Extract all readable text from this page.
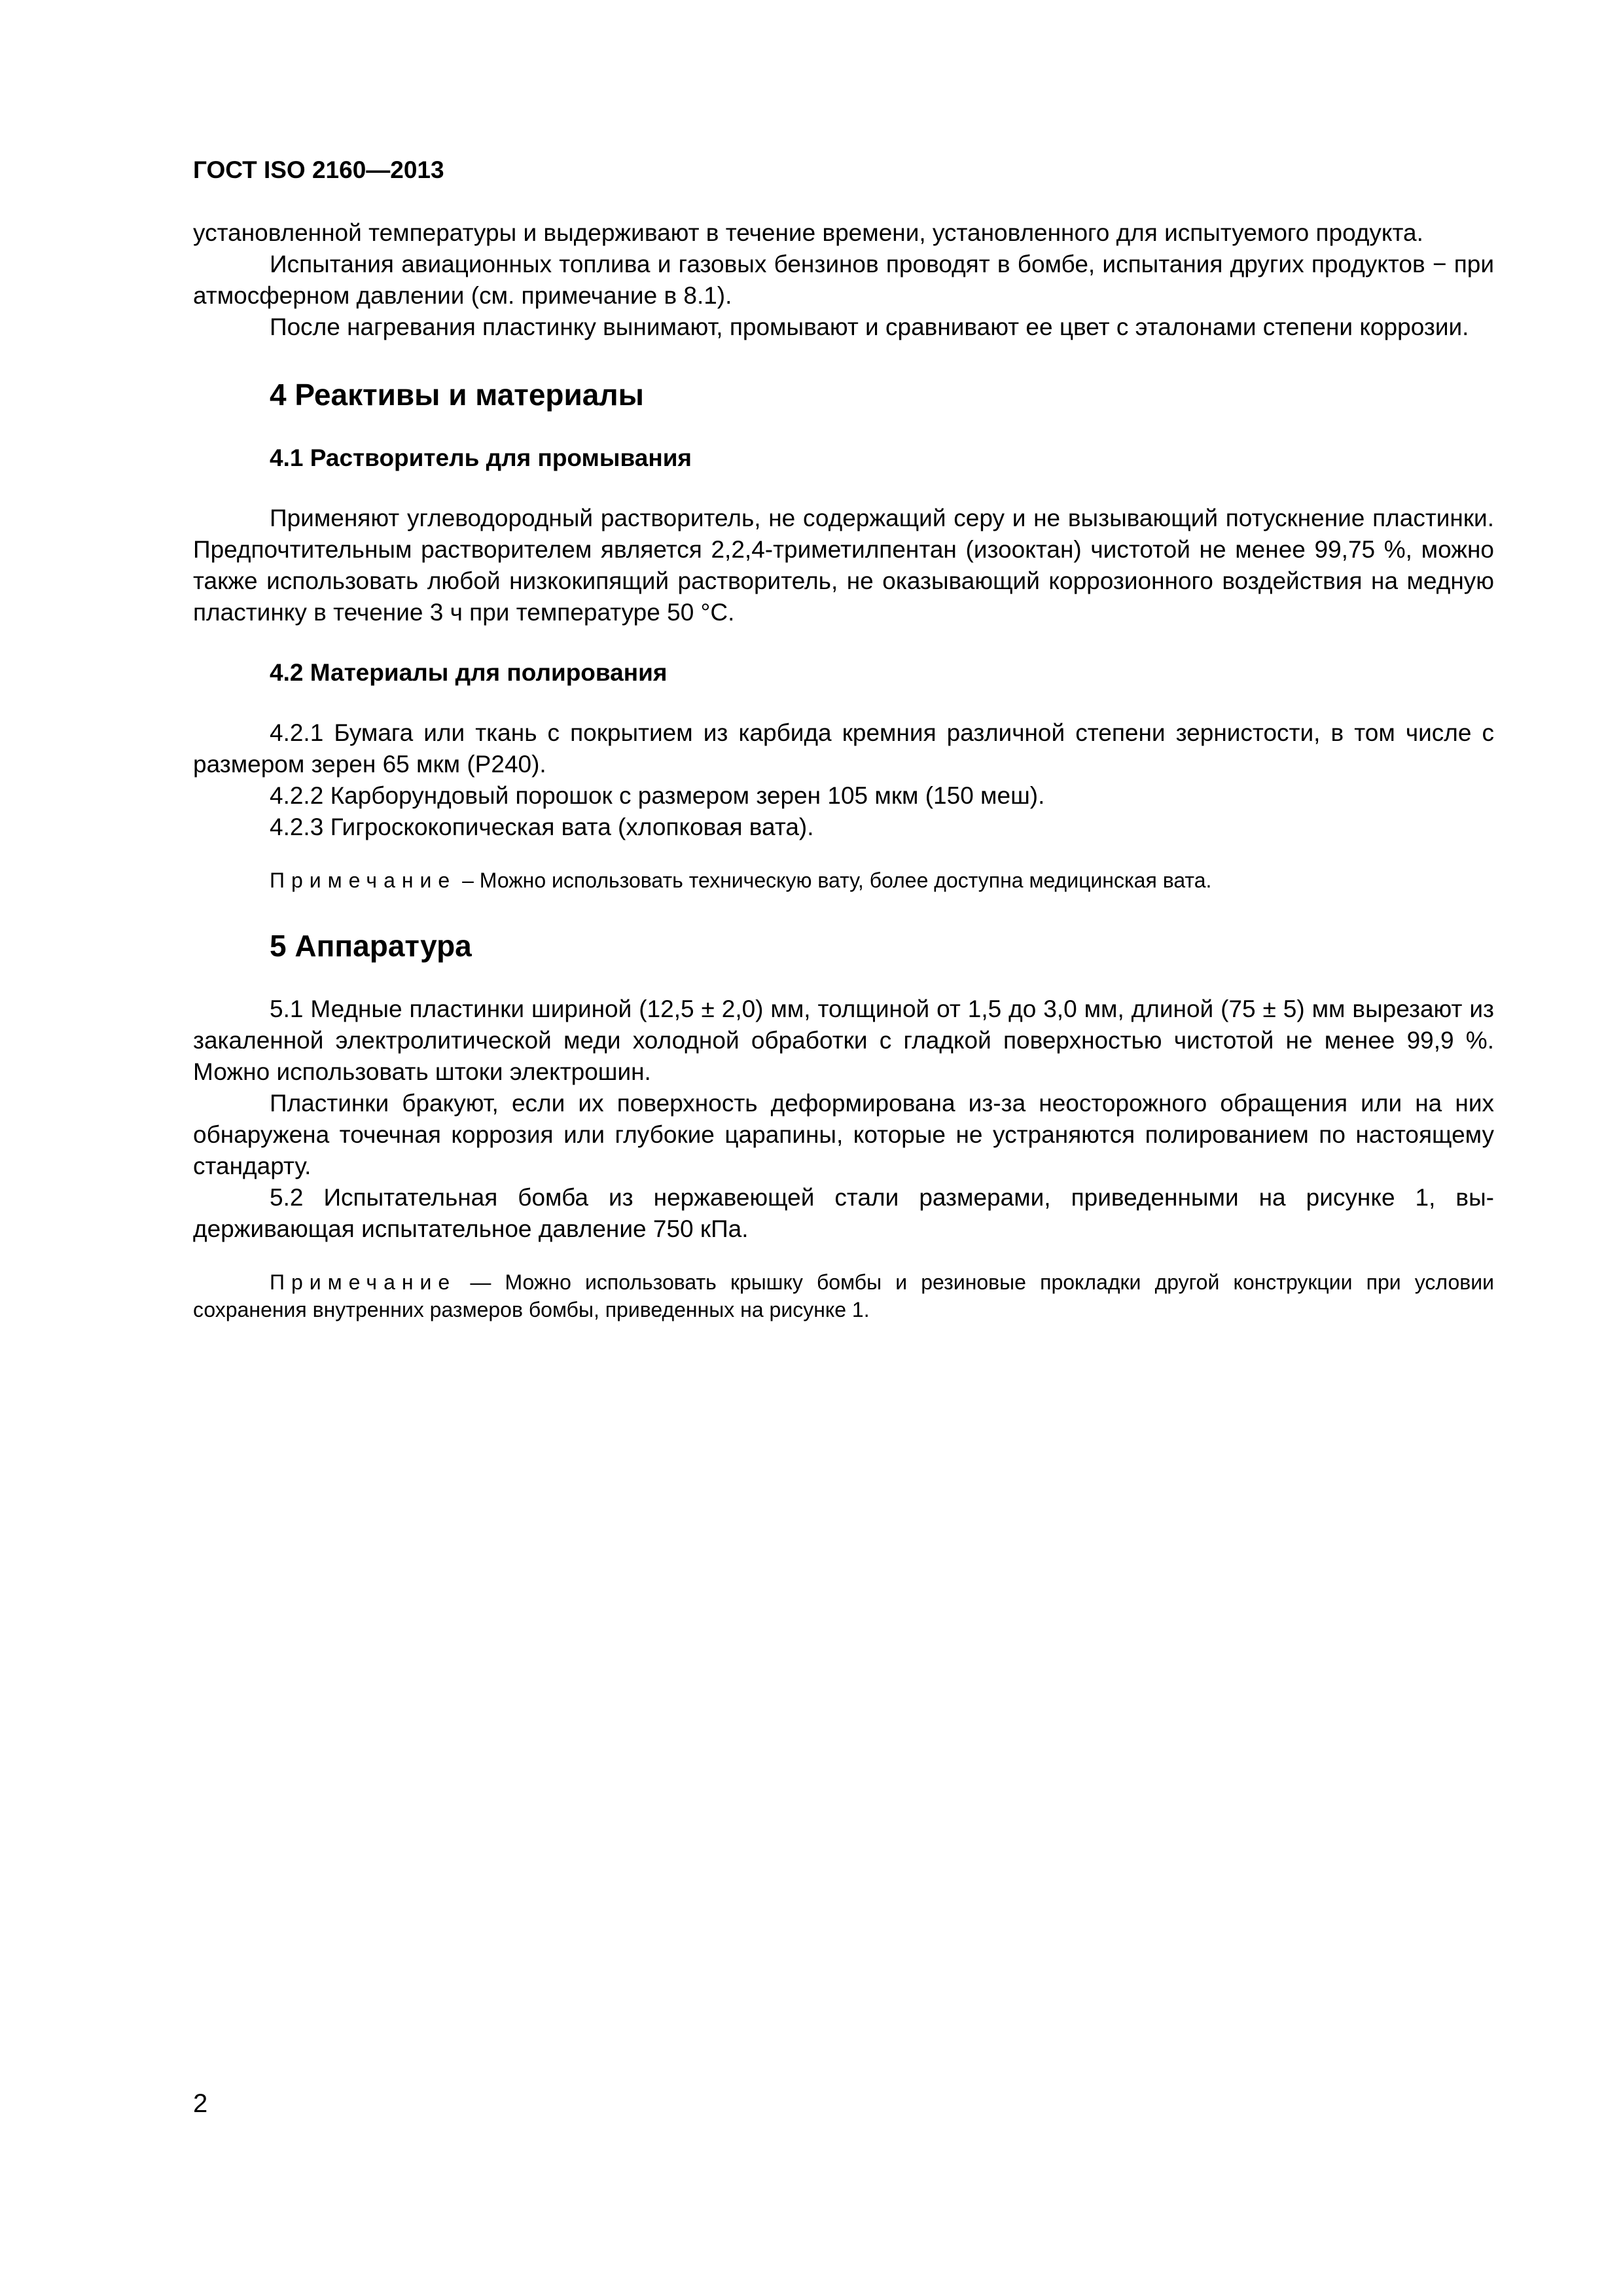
ГОСТ ISO 2160—2013

установленной температуры и выдерживают в течение времени, установленного для испытуемого продукта.

Испытания авиационных топлива и газовых бензинов проводят в бомбе, испытания других продуктов − при атмосферном давлении (см. примечание в 8.1).

После нагревания пластинку вынимают, промывают и сравнивают ее цвет с эталонами степени коррозии.

4 Реактивы и материалы
4.1 Растворитель для промывания

Применяют углеводородный растворитель, не содержащий серу и не вызывающий потускнение пластинки. Предпочтительным растворителем является 2,2,4-триметилпентан (изооктан) чистотой не менее 99,75 %, можно также использовать любой низкокипящий растворитель, не оказывающий коррозионного воздействия на медную пластинку в течение 3 ч при температуре 50 °С.

4.2 Материалы для полирования

4.2.1 Бумага или ткань с покрытием из карбида кремния различной степени зернистости, в том числе с размером зерен 65 мкм (Р240).

4.2.2 Карборундовый порошок с размером зерен 105 мкм (150 меш).

4.2.3 Гигроскокопическая вата (хлопковая вата).

Примечание – Можно использовать техническую вату, более доступна медицинская вата.

5 Аппаратура

5.1 Медные пластинки шириной (12,5 ± 2,0) мм, толщиной от 1,5 до 3,0 мм, длиной (75 ± 5) мм вырезают из закаленной электролитической меди холодной обработки с гладкой поверхностью чистотой не менее 99,9 %. Можно использовать штоки электрошин.

Пластинки бракуют, если их поверхность деформирована из-за неосторожного обращения или на них обнаружена точечная коррозия или глубокие царапины, которые не устраняются полированием по настоящему стандарту.

5.2 Испытательная бомба из нержавеющей стали размерами, приведенными на рисунке 1, выдерживающая испытательное давление 750 кПа.

Примечание — Можно использовать крышку бомбы и резиновые прокладки другой конструкции при условии сохранения внутренних размеров бомбы, приведенных на рисунке 1.

2
